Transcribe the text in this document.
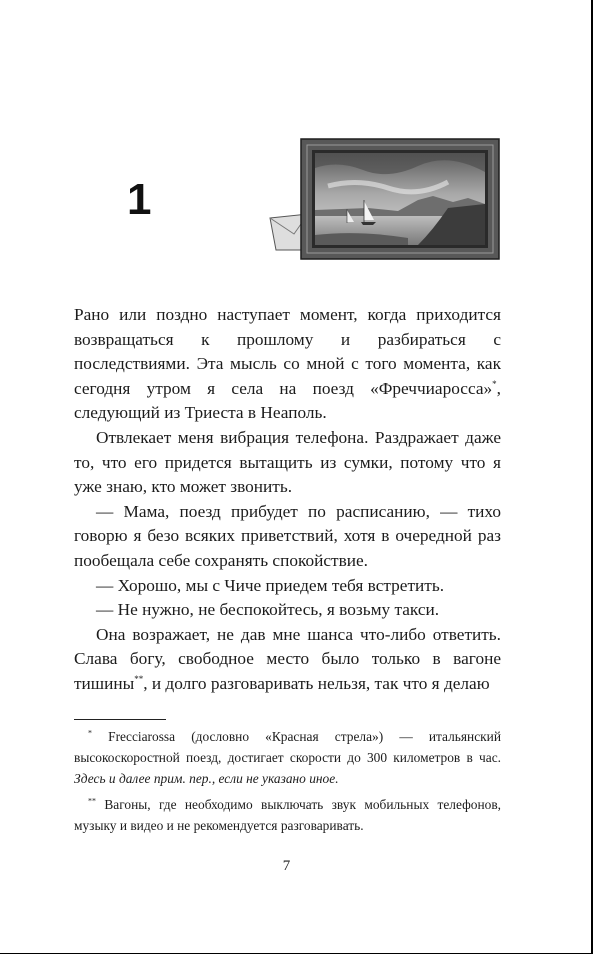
1

Рано или поздно наступает момент, когда приходится возвращаться к прошлому и разбираться с последствиями. Эта мысль со мной с того момента, как сегодня утром я села на поезд «Фреччиаросса»*, следующий из Триеста в Неаполь.

Отвлекает меня вибрация телефона. Раздражает даже то, что его придется вытащить из сумки, потому что я уже знаю, кто может звонить.

— Мама, поезд прибудет по расписанию, — тихо говорю я безо всяких приветствий, хотя в очередной раз пообещала себе сохранять спокойствие.

— Хорошо, мы с Чиче приедем тебя встретить.

— Не нужно, не беспокойтесь, я возьму такси.

Она возражает, не дав мне шанса что-либо ответить. Слава богу, свободное место было только в вагоне тишины**, и долго разговаривать нельзя, так что я делаю

* Frecciarossa (дословно «Красная стрела») — итальянский высокоскоростной поезд, достигает скорости до 300 километров в час. Здесь и далее прим. пер., если не указано иное.

** Вагоны, где необходимо выключать звук мобильных телефонов, музыку и видео и не рекомендуется разговаривать.

7
